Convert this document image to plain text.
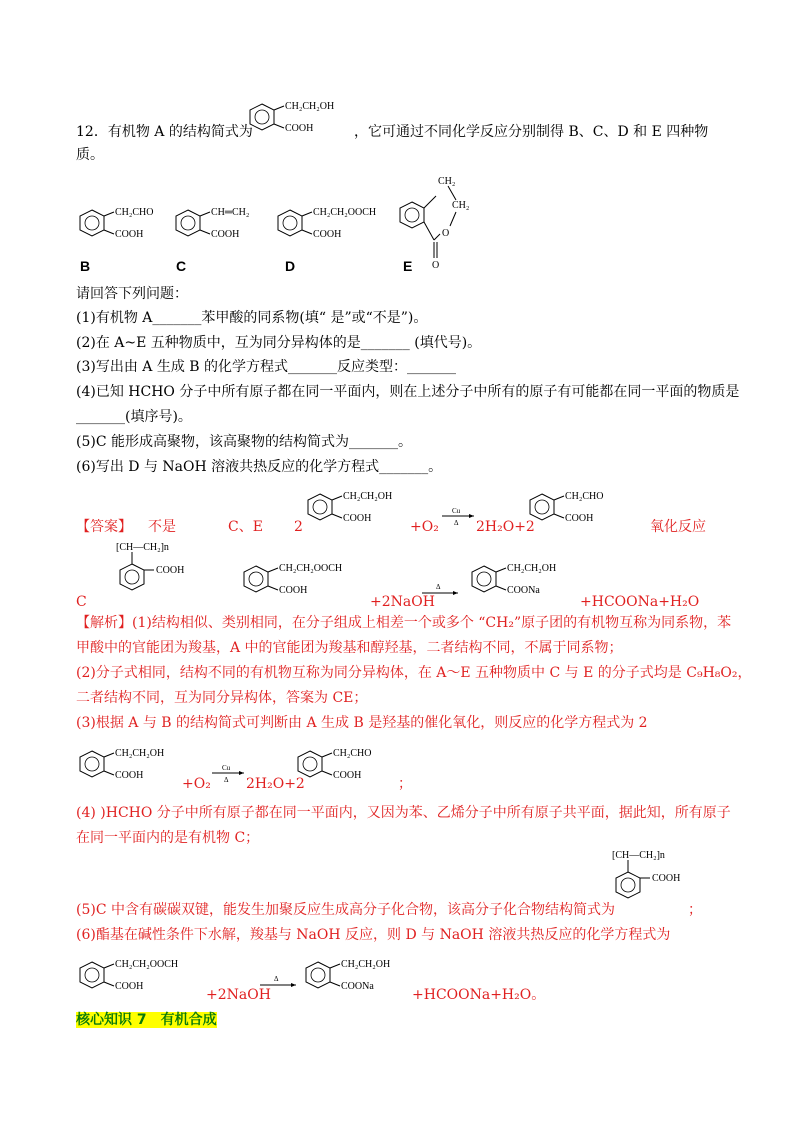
12．有机物 A 的结构简式为
CH₂CH₂OH
COOH	，它可通过不同化学反应分别制得 B、C、D 和 E 四种物
质。
CH₂CHO
COOH
CH═CH₂
COOH
CH₂CH₂OOCH
COOH
CH₂
CH₂
O
O
B	C	D	E
请回答下列问题：
(1)有机物 A_______苯甲酸的同系物(填“ 是”或“不是”)。
(2)在 A~E 五种物质中，互为同分异构体的是_______ (填代号)。
(3)写出由 A 生成 B 的化学方程式_______反应类型：_______
(4)已知 HCHO 分子中所有原子都在同一平面内，则在上述分子中所有的原子有可能都在同一平面的物质是
_______(填序号)。
(5)C 能形成高聚物，该高聚物的结构简式为_______。
(6)写出 D 与 NaOH 溶液共热反应的化学方程式_______。
【答案】 不是	C、E 2
CH₂CH₂OH
COOH
+O₂
Cu
Δ 2H₂O+2
CH₂CHO
COOH
氧化反应
[CH—CH₂]n
COOH
C
CH₂CH₂OOCH
COOH
+2NaOH
Δ
CH₂CH₂OH
COONa
+HCOONa+H₂O
【解析】(1)结构相似、类别相同，在分子组成上相差一个或多个 “CH₂”原子团的有机物互称为同系物，苯
甲酸中的官能团为羧基，A 中的官能团为羧基和醇羟基，二者结构不同，不属于同系物；
(2)分子式相同，结构不同的有机物互称为同分异构体，在 A～E 五种物质中 C 与 E 的分子式均是 C₉H₈O₂，
二者结构不同，互为同分异构体，答案为 CE；
(3)根据 A 与 B 的结构简式可判断由 A 生成 B 是羟基的催化氧化，则反应的化学方程式为 2
CH₂CH₂OH
COOH
+O₂
Cu
Δ 2H₂O+2
CH₂CHO
COOH
；
(4) )HCHO 分子中所有原子都在同一平面内，又因为苯、乙烯分子中所有原子共平面，据此知，所有原子
在同一平面内的是有机物 C；
[CH—CH₂]n
COOH
(5)C 中含有碳碳双键，能发生加聚反应生成高分子化合物，该高分子化合物结构简式为	；
(6)酯基在碱性条件下水解，羧基与 NaOH 反应，则 D 与 NaOH 溶液共热反应的化学方程式为
CH₂CH₂OOCH
COOH
+2NaOH
Δ
CH₂CH₂OH
COONa
+HCOONa+H₂O。
核心知识 7　有机合成
